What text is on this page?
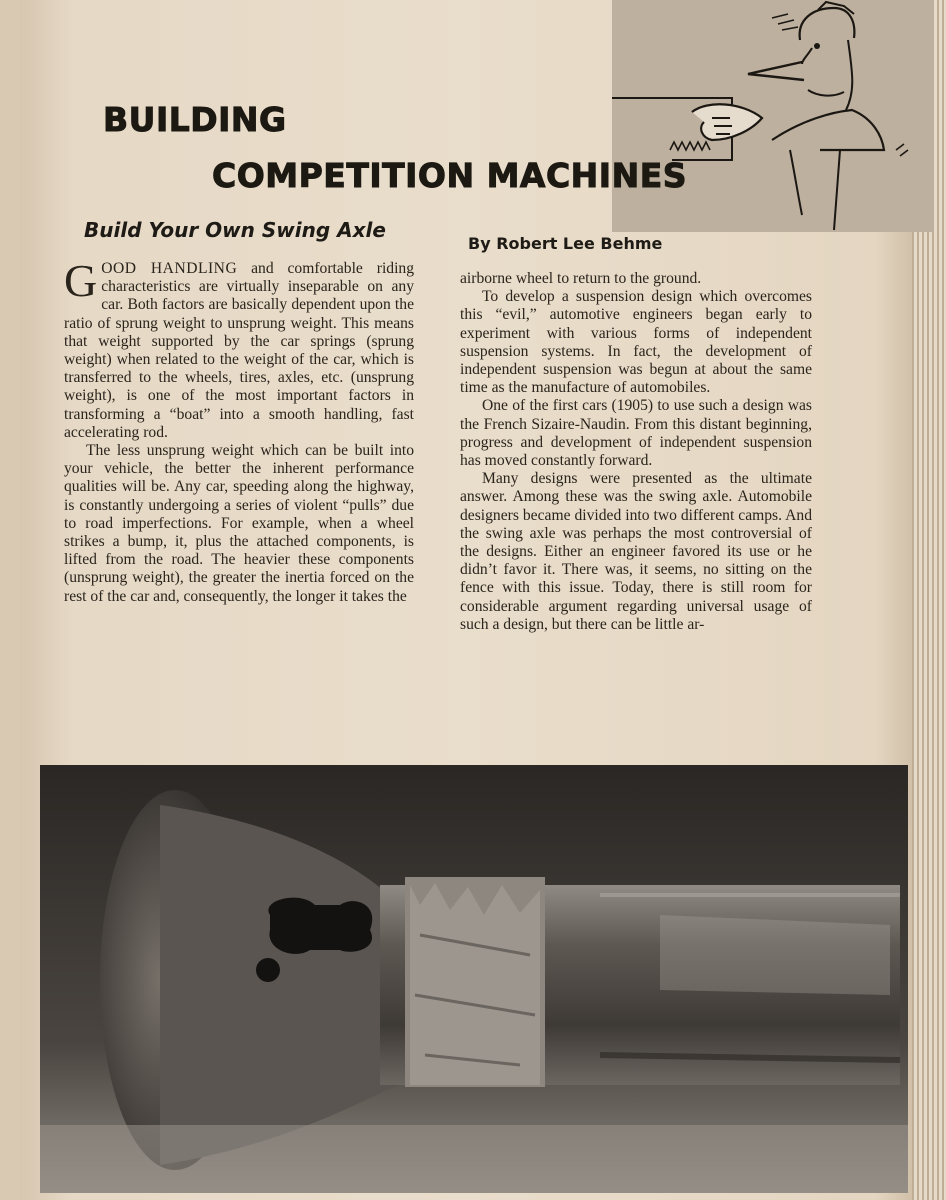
BUILDING
COMPETITION MACHINES
Build Your Own Swing Axle
By Robert Lee Behme

GOOD HANDLING and comfortable riding characteristics are virtually inseparable on any car. Both factors are basically dependent upon the ratio of sprung weight to unsprung weight. This means that weight supported by the car springs (sprung weight) when related to the weight of the car, which is transferred to the wheels, tires, axles, etc. (unsprung weight), is one of the most important factors in transforming a “boat” into a smooth handling, fast accelerating rod.

The less unsprung weight which can be built into your vehicle, the better the inherent performance qualities will be. Any car, speeding along the highway, is constantly undergoing a series of violent “pulls” due to road imperfections. For example, when a wheel strikes a bump, it, plus the attached components, is lifted from the road. The heavier these components (unsprung weight), the greater the inertia forced on the rest of the car and, consequently, the longer it takes the

airborne wheel to return to the ground.

To develop a suspension design which overcomes this “evil,” automotive engineers began early to experiment with various forms of independent suspension systems. In fact, the development of independent suspension was begun at about the same time as the manufacture of automobiles.

One of the first cars (1905) to use such a design was the French Sizaire-Naudin. From this distant beginning, progress and development of independent suspension has moved constantly forward.

Many designs were presented as the ultimate answer. Among these was the swing axle. Automobile designers became divided into two different camps. And the swing axle was perhaps the most controversial of the designs. Either an engineer favored its use or he didn’t favor it. There was, it seems, no sitting on the fence with this issue. Today, there is still room for considerable argument regarding universal usage of such a design, but there can be little ar-
